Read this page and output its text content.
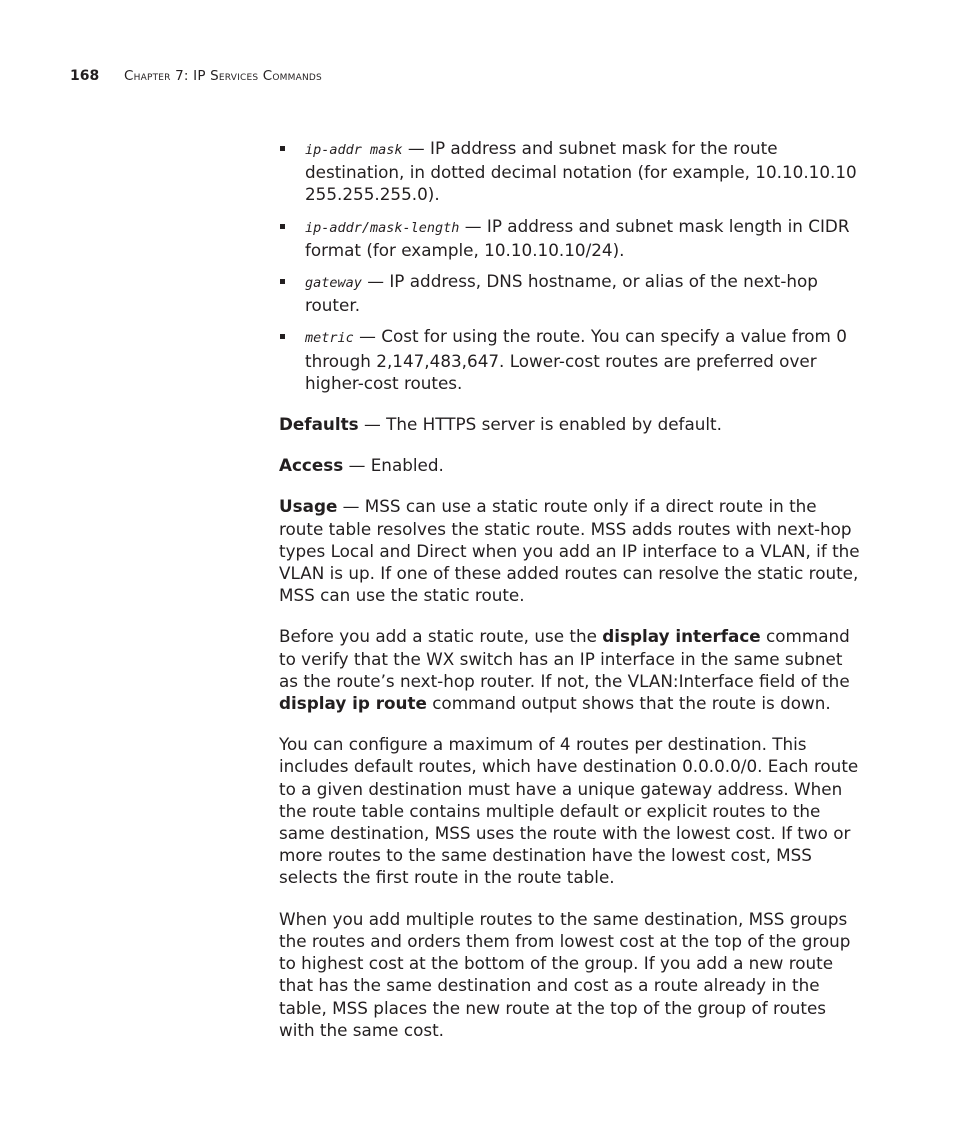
168 Chapter 7: IP Services Commands
ip-addr mask — IP address and subnet mask for the route destination, in dotted decimal notation (for example, 10.10.10.10 255.255.255.0).
ip-addr/mask-length — IP address and subnet mask length in CIDR format (for example, 10.10.10.10/24).
gateway — IP address, DNS hostname, or alias of the next-hop router.
metric — Cost for using the route. You can specify a value from 0 through 2,147,483,647. Lower-cost routes are preferred over higher-cost routes.

Defaults — The HTTPS server is enabled by default.

Access — Enabled.

Usage — MSS can use a static route only if a direct route in the route table resolves the static route. MSS adds routes with next-hop types Local and Direct when you add an IP interface to a VLAN, if the VLAN is up. If one of these added routes can resolve the static route, MSS can use the static route.

Before you add a static route, use the display interface command to verify that the WX switch has an IP interface in the same subnet as the route’s next-hop router. If not, the VLAN:Interface field of the display ip route command output shows that the route is down.

You can configure a maximum of 4 routes per destination. This includes default routes, which have destination 0.0.0.0/0. Each route to a given destination must have a unique gateway address. When the route table contains multiple default or explicit routes to the same destination, MSS uses the route with the lowest cost. If two or more routes to the same destination have the lowest cost, MSS selects the first route in the route table.

When you add multiple routes to the same destination, MSS groups the routes and orders them from lowest cost at the top of the group to highest cost at the bottom of the group. If you add a new route that has the same destination and cost as a route already in the table, MSS places the new route at the top of the group of routes with the same cost.
